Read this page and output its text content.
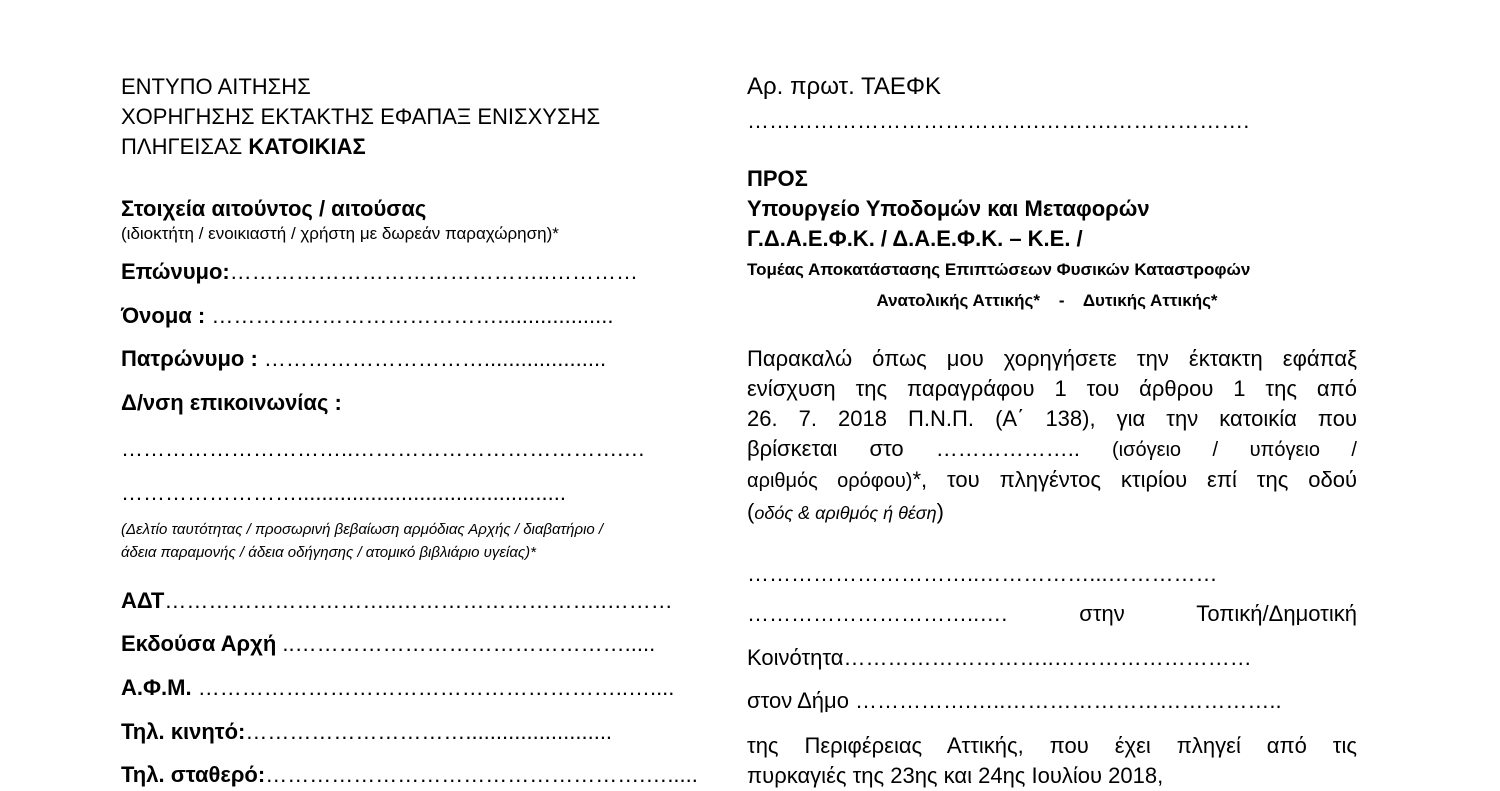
ΕΝΤΥΠΟ ΑΙΤΗΣΗΣ
ΧΟΡΗΓΗΣΗΣ ΕΚΤΑΚΤΗΣ ΕΦΑΠΑΞ ΕΝΙΣΧΥΣΗΣ
ΠΛΗΓΕΙΣΑΣ ΚΑΤΟΙΚΙΑΣ
Στοιχεία αιτούντος / αιτούσας
(ιδιοκτήτη / ενοικιαστή / χρήστη με δωρεάν παραχώρηση)*
Επώνυμο:……………………………………..…………
Όνομα : …………………………………...................
Πατρώνυμο : …………………………....................
Δ/νση επικοινωνίας :
…………………………..……………………………….…
……………………............................................
(Δελτίο ταυτότητας / προσωρινή βεβαίωση αρμόδιας Αρχής / διαβατήριο /
άδεια παραμονής / άδεια οδήγησης / ατομικό βιβλιάριο υγείας)*
ΑΔΤ…………………………..………………………..………
Εκδούσα Αρχή ..……………………………………….....
Α.Φ.Μ. …………………………………………………..…....
Τηλ. κινητό:…………………………........................
Τηλ. σταθερό:…………………………………………….….....
Αρ. πρωτ. ΤΑΕΦΚ
………………………………….……….……………….
ΠΡΟΣ
Υπουργείο Υποδομών και Μεταφορών
Γ.Δ.Α.Ε.Φ.Κ. / Δ.Α.Ε.Φ.Κ. – Κ.Ε. /
Τομέας Αποκατάστασης Επιπτώσεων Φυσικών Καταστροφών
Ανατολικής Αττικής* - Δυτικής Αττικής*
Παρακαλώ όπως μου χορηγήσετε την έκτακτη εφάπαξ
ενίσχυση της παραγράφου 1 του άρθρου 1 της από
26. 7. 2018 Π.Ν.Π. (Α΄ 138), για την κατοικία που
βρίσκεται στο ……………….. (ισόγειο / υπόγειο /
αριθμός ορόφου)*, του πληγέντος κτιρίου επί της οδού
(οδός & αριθμός ή θέση)
…………………………..……………...……………
…………………………..…. στην Τοπική/Δημοτική
Κοινότητα………………………..………………………
στον Δήμο …………….…..………………………………..
της Περιφέρειας Αττικής, που έχει πληγεί από τις
πυρκαγιές της 23ης και 24ης Ιουλίου 2018,
